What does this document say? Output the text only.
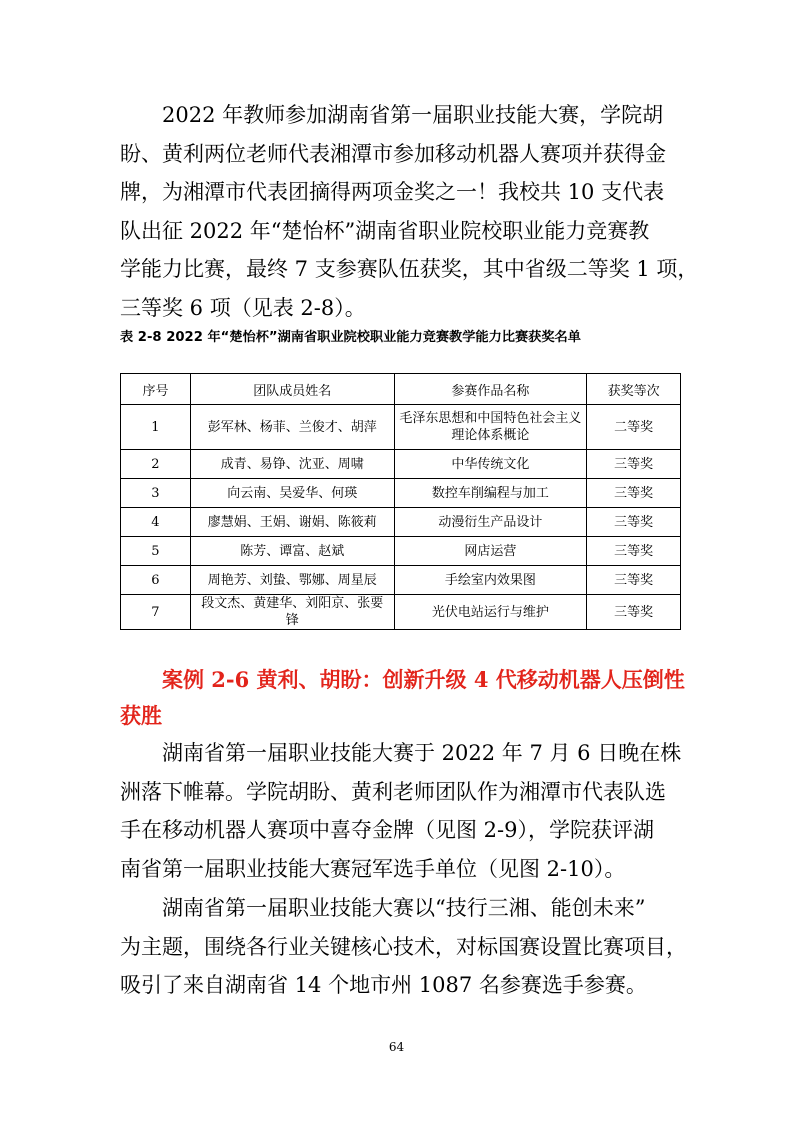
　　2022 年教师参加湖南省第一届职业技能大赛，学院胡
盼、黄利两位老师代表湘潭市参加移动机器人赛项并获得金
牌，为湘潭市代表团摘得两项金奖之一！我校共 10 支代表
队出征 2022 年“楚怡杯”湖南省职业院校职业能力竞赛教
学能力比赛，最终 7 支参赛队伍获奖，其中省级二等奖 1 项，
三等奖 6 项（见表 2-8）。
表 2-8 2022 年“楚怡杯”湖南省职业院校职业能力竞赛教学能力比赛获奖名单
序号	团队成员姓名	参赛作品名称	获奖等次
1	彭军林、杨菲、兰俊才、胡萍	毛泽东思想和中国特色社会主义理论体系概论	二等奖
2	成青、易铮、沈亚、周啸	中华传统文化	三等奖
3	向云南、吴爱华、何瑛	数控车削编程与加工	三等奖
4	廖慧娟、王娟、谢娟、陈筱莉	动漫衍生产品设计	三等奖
5	陈芳、谭富、赵斌	网店运营	三等奖
6	周艳芳、刘蛰、鄂娜、周星辰	手绘室内效果图	三等奖
7	段文杰、黄建华、刘阳京、张要锋	光伏电站运行与维护	三等奖
　　案例 2-6 黄利、胡盼：创新升级 4 代移动机器人压倒性
获胜
　　湖南省第一届职业技能大赛于 2022 年 7 月 6 日晚在株
洲落下帷幕。学院胡盼、黄利老师团队作为湘潭市代表队选
手在移动机器人赛项中喜夺金牌（见图 2-9），学院获评湖
南省第一届职业技能大赛冠军选手单位（见图 2-10）。
　　湖南省第一届职业技能大赛以“技行三湘、能创未来”
为主题，围绕各行业关键核心技术，对标国赛设置比赛项目，
吸引了来自湖南省 14 个地市州 1087 名参赛选手参赛。
64
